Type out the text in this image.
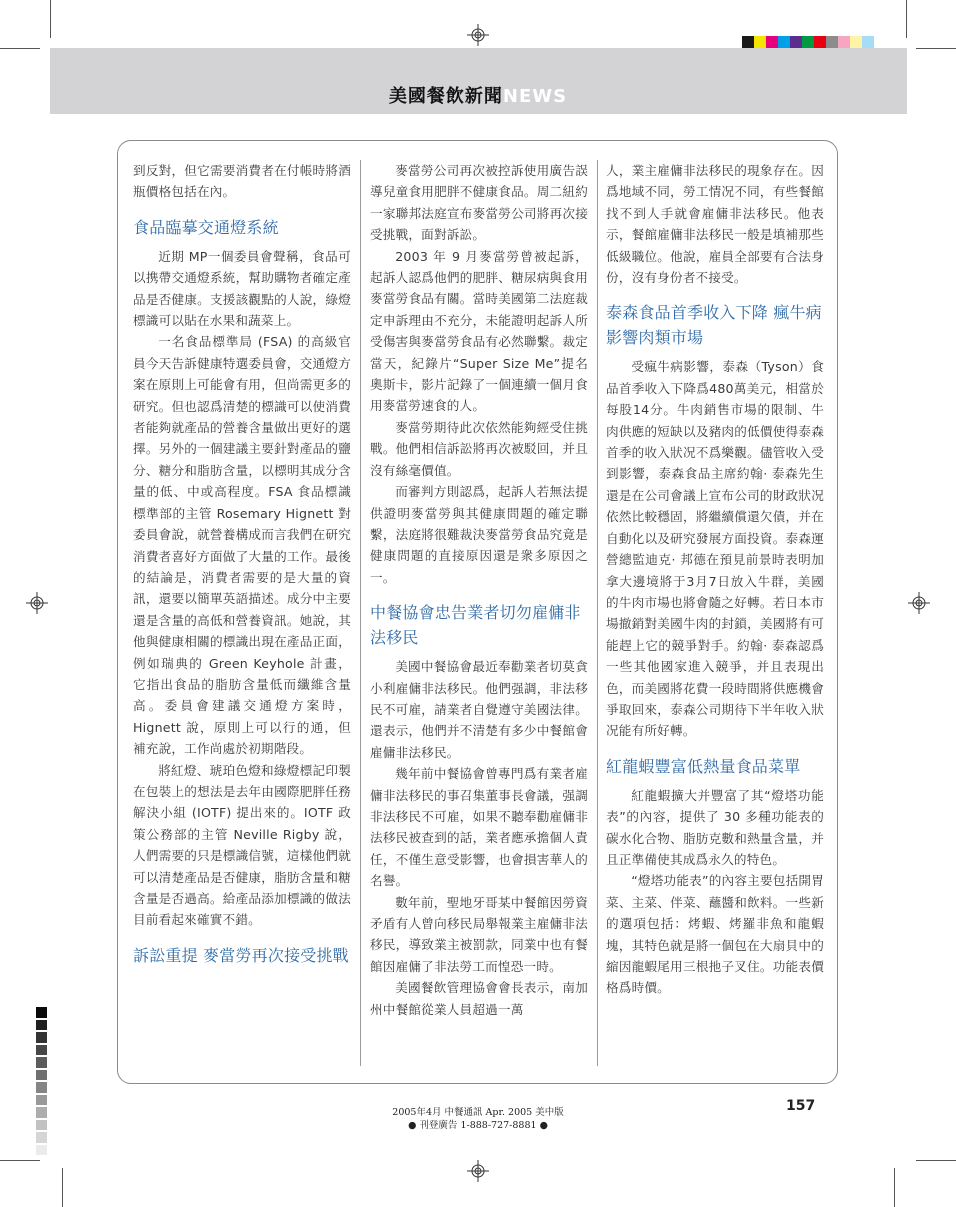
美國餐飲新聞NEWS

到反對，但它需要消費者在付帳時將酒瓶價格包括在內。

食品臨摹交通燈系統

近期 MP一個委員會聲稱，食品可以携帶交通燈系統，幫助購物者確定產品是否健康。支援該觀點的人說，綠燈標識可以貼在水果和蔬菜上。

一名食品標準局 (FSA) 的高級官員今天告訴健康特選委員會，交通燈方案在原則上可能會有用，但尚需更多的研究。但也認爲清楚的標識可以使消費者能夠就產品的營養含量做出更好的選擇。另外的一個建議主要針對產品的鹽分、糖分和脂肪含量，以標明其成分含量的低、中或高程度。FSA 食品標識標準部的主管 Rosemary Hignett 對委員會說，就營養構成而言我們在研究消費者喜好方面做了大量的工作。最後的結論是，消費者需要的是大量的資訊，還要以簡單英語描述。成分中主要還是含量的高低和營養資訊。她說，其他與健康相關的標識出現在產品正面，例如瑞典的 Green Keyhole 計畫，它指出食品的脂肪含量低而纖維含量高。委員會建議交通燈方案時，Hignett 說，原則上可以行的通，但補充說，工作尚處於初期階段。

將紅燈、琥珀色燈和綠燈標記印製在包裝上的想法是去年由國際肥胖任務解決小組 (IOTF) 提出來的。IOTF 政策公務部的主管 Neville Rigby 說，人們需要的只是標識信號，這樣他們就可以清楚產品是否健康，脂肪含量和糖含量是否過高。給產品添加標識的做法目前看起來確實不錯。

訴訟重提 麥當勞再次接受挑戰

麥當勞公司再次被控訴使用廣告誤導兒童食用肥胖不健康食品。周二紐約一家聯邦法庭宣布麥當勞公司將再次接受挑戰，面對訴訟。

2003 年 9 月麥當勞曾被起訴，起訴人認爲他們的肥胖、糖尿病與食用麥當勞食品有關。當時美國第二法庭裁定申訴理由不充分，未能證明起訴人所受傷害與麥當勞食品有必然聯繫。裁定當天，紀錄片“Super Size Me”提名奧斯卡，影片記錄了一個連續一個月食用麥當勞速食的人。

麥當勞期待此次依然能夠經受住挑戰。他們相信訴訟將再次被駁回，并且沒有絲毫價值。

而審判方則認爲，起訴人若無法提供證明麥當勞與其健康問題的確定聯繫，法庭將很難裁決麥當勞食品究竟是健康問題的直接原因還是衆多原因之一。

中餐協會忠告業者切勿雇傭非法移民

美國中餐協會最近奉勸業者切莫貪小利雇傭非法移民。他們强調，非法移民不可雇，請業者自覺遵守美國法律。還表示，他們并不清楚有多少中餐館會雇傭非法移民。

幾年前中餐協會曾專門爲有業者雇傭非法移民的事召集董事長會議，强調非法移民不可雇，如果不聽奉勸雇傭非法移民被查到的話，業者應承擔個人責任，不僅生意受影響，也會損害華人的名譽。

數年前，聖地牙哥某中餐館因勞資矛盾有人曾向移民局舉報業主雇傭非法移民，導致業主被罰款，同業中也有餐館因雇傭了非法勞工而惶恐一時。

美國餐飲管理協會會長表示，南加州中餐館從業人員超過一萬

人，業主雇傭非法移民的現象存在。因爲地域不同，勞工情况不同，有些餐館找不到人手就會雇傭非法移民。他表示，餐館雇傭非法移民一般是填補那些低級職位。他說，雇員全部要有合法身份，沒有身份者不接受。

泰森食品首季收入下降 瘋牛病影響肉類市場

受瘋牛病影響，泰森（Tyson）食品首季收入下降爲480萬美元，相當於每股14分。牛肉銷售市場的限制、牛肉供應的短缺以及豬肉的低價使得泰森首季的收入狀况不爲樂觀。儘管收入受到影響，泰森食品主席約翰· 泰森先生還是在公司會議上宣布公司的財政狀况依然比較穩固，將繼續償還欠債，并在自動化以及研究發展方面投資。泰森運營總監迪克· 邦德在預見前景時表明加拿大邊境將于3月7日放入牛群，美國的牛肉市場也將會隨之好轉。若日本市場撤銷對美國牛肉的封鎖，美國將有可能趕上它的競爭對手。約翰· 泰森認爲一些其他國家進入競爭，并且表現出色，而美國將花費一段時間將供應機會爭取回來，泰森公司期待下半年收入狀况能有所好轉。

紅龍蝦豐富低熱量食品菜單

紅龍蝦擴大并豐富了其“燈塔功能表”的內容，提供了 30 多種功能表的碳水化合物、脂肪克數和熱量含量，并且正準備使其成爲永久的特色。

“燈塔功能表”的內容主要包括開胃菜、主菜、伴菜、蘸醬和飲料。一些新的選項包括：烤蝦、烤羅非魚和龍蝦塊，其特色就是將一個包在大扇貝中的縮因龍蝦尾用三根扡子叉住。功能表價格爲時價。

2005年4月 中餐通訊 Apr. 2005 美中版
● 刊登廣告 1-888-727-8881 ●
157
